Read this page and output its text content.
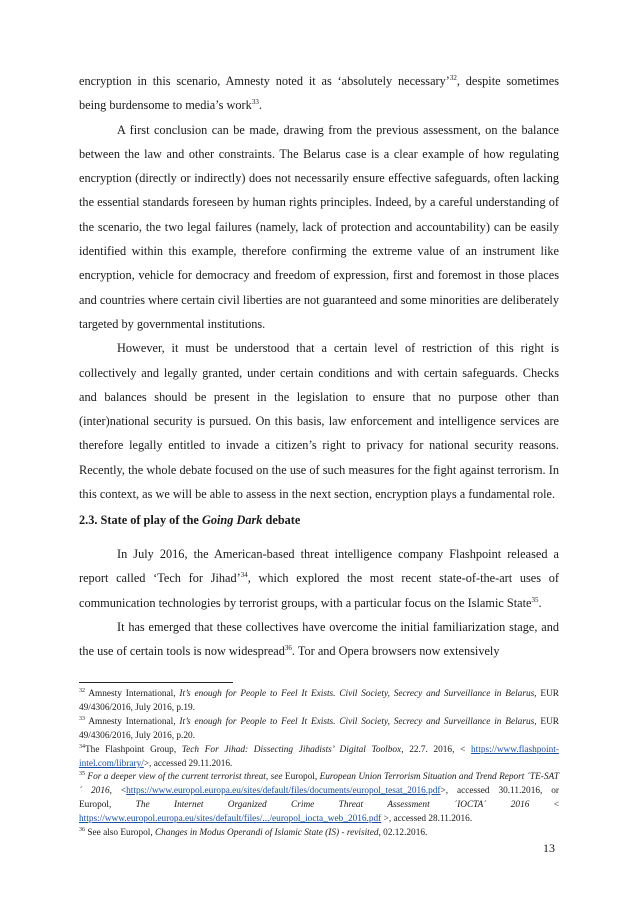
encryption in this scenario, Amnesty noted it as ‘absolutely necessary’$^{32}$, despite sometimes being burdensome to media’s work$^{33}$.

A first conclusion can be made, drawing from the previous assessment, on the balance between the law and other constraints. The Belarus case is a clear example of how regulating encryption (directly or indirectly) does not necessarily ensure effective safeguards, often lacking the essential standards foreseen by human rights principles. Indeed, by a careful understanding of the scenario, the two legal failures (namely, lack of protection and accountability) can be easily identified within this example, therefore confirming the extreme value of an instrument like encryption, vehicle for democracy and freedom of expression, first and foremost in those places and countries where certain civil liberties are not guaranteed and some minorities are deliberately targeted by governmental institutions.

However, it must be understood that a certain level of restriction of this right is collectively and legally granted, under certain conditions and with certain safeguards. Checks and balances should be present in the legislation to ensure that no purpose other than (inter)national security is pursued. On this basis, law enforcement and intelligence services are therefore legally entitled to invade a citizen’s right to privacy for national security reasons. Recently, the whole debate focused on the use of such measures for the fight against terrorism. In this context, as we will be able to assess in the next section, encryption plays a fundamental role.

2.3. State of play of the Going Dark debate

In July 2016, the American-based threat intelligence company Flashpoint released a report called ‘Tech for Jihad’$^{34}$, which explored the most recent state-of-the-art uses of communication technologies by terrorist groups, with a particular focus on the Islamic State$^{35}$.

It has emerged that these collectives have overcome the initial familiarization stage, and the use of certain tools is now widespread$^{36}$. Tor and Opera browsers now extensively

$^{32}$ Amnesty International, It’s enough for People to Feel It Exists. Civil Society, Secrecy and Surveillance in Belarus, EUR 49/4306/2016, July 2016, p.19.

$^{33}$ Amnesty International, It’s enough for People to Feel It Exists. Civil Society, Secrecy and Surveillance in Belarus, EUR 49/4306/2016, July 2016, p.20.

$^{34}$The Flashpoint Group, Tech For Jihad: Dissecting Jihadists’ Digital Toolbox, 22.7. 2016, < https://www.flashpoint-intel.com/library/>, accessed 29.11.2016.

$^{35}$ For a deeper view of the current terrorist threat, see Europol, European Union Terrorism Situation and Trend Report ´TE-SAT´ 2016, <https://www.europol.europa.eu/sites/default/files/documents/europol_tesat_2016.pdf>, accessed 30.11.2016, or Europol, The Internet Organized Crime Threat Assessment ´IOCTA´ 2016 < https://www.europol.europa.eu/sites/default/files/.../europol_iocta_web_2016.pdf >, accessed 28.11.2016.

$^{36}$ See also Europol, Changes in Modus Operandi of Islamic State (IS) - revisited, 02.12.2016.

13
